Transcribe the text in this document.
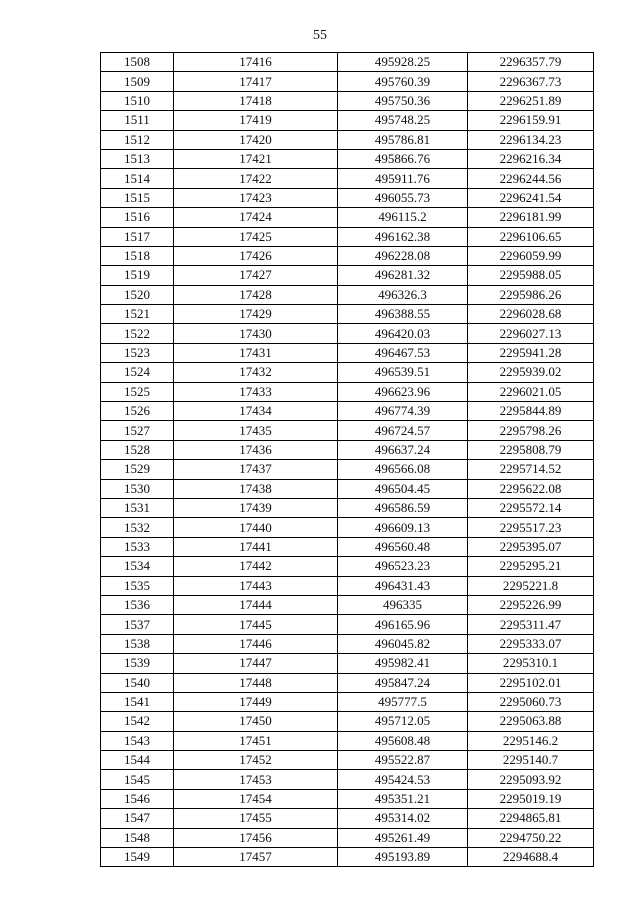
55
1508	17416	495928.25	2296357.79
1509	17417	495760.39	2296367.73
1510	17418	495750.36	2296251.89
1511	17419	495748.25	2296159.91
1512	17420	495786.81	2296134.23
1513	17421	495866.76	2296216.34
1514	17422	495911.76	2296244.56
1515	17423	496055.73	2296241.54
1516	17424	496115.2	2296181.99
1517	17425	496162.38	2296106.65
1518	17426	496228.08	2296059.99
1519	17427	496281.32	2295988.05
1520	17428	496326.3	2295986.26
1521	17429	496388.55	2296028.68
1522	17430	496420.03	2296027.13
1523	17431	496467.53	2295941.28
1524	17432	496539.51	2295939.02
1525	17433	496623.96	2296021.05
1526	17434	496774.39	2295844.89
1527	17435	496724.57	2295798.26
1528	17436	496637.24	2295808.79
1529	17437	496566.08	2295714.52
1530	17438	496504.45	2295622.08
1531	17439	496586.59	2295572.14
1532	17440	496609.13	2295517.23
1533	17441	496560.48	2295395.07
1534	17442	496523.23	2295295.21
1535	17443	496431.43	2295221.8
1536	17444	496335	2295226.99
1537	17445	496165.96	2295311.47
1538	17446	496045.82	2295333.07
1539	17447	495982.41	2295310.1
1540	17448	495847.24	2295102.01
1541	17449	495777.5	2295060.73
1542	17450	495712.05	2295063.88
1543	17451	495608.48	2295146.2
1544	17452	495522.87	2295140.7
1545	17453	495424.53	2295093.92
1546	17454	495351.21	2295019.19
1547	17455	495314.02	2294865.81
1548	17456	495261.49	2294750.22
1549	17457	495193.89	2294688.4
